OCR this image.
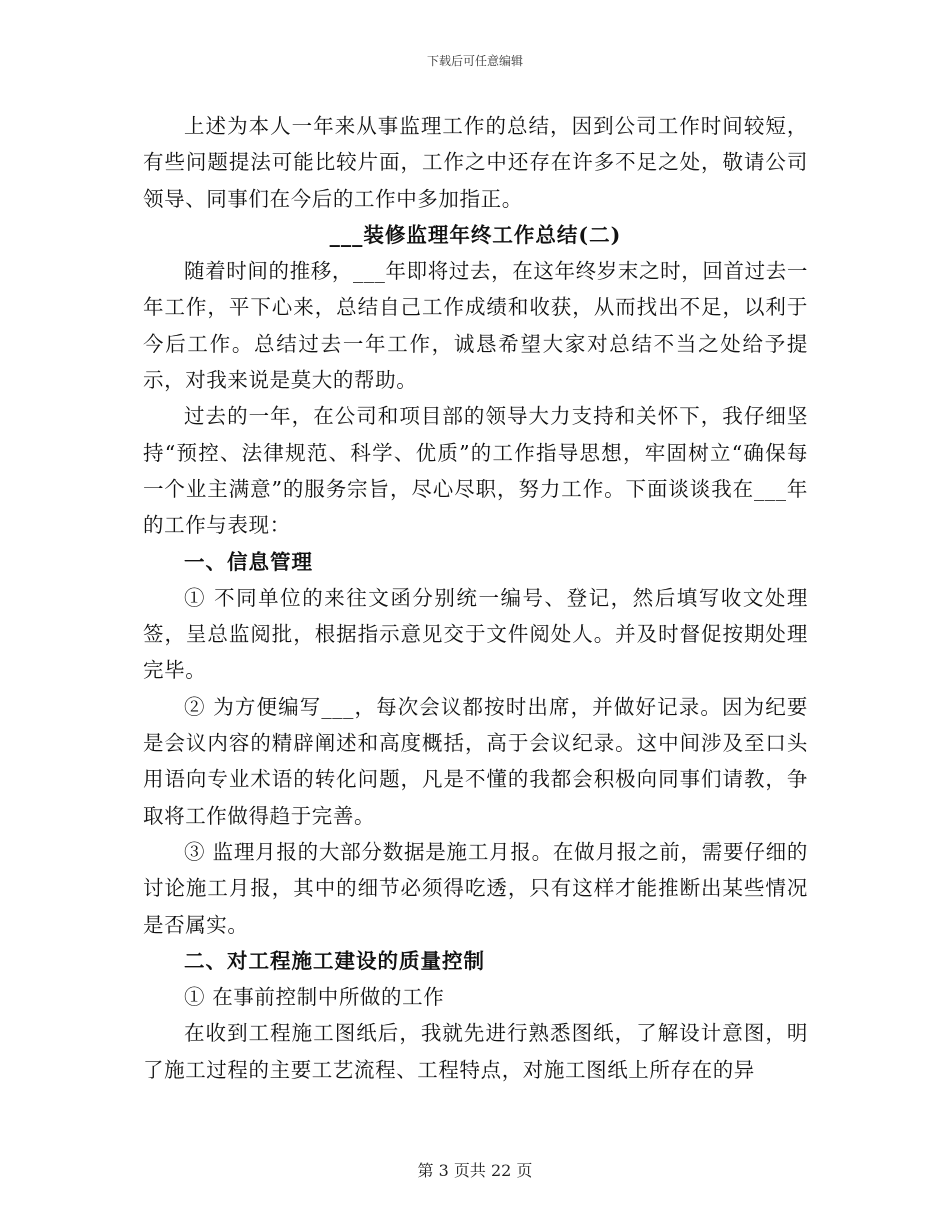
下载后可任意编辑

上述为本人一年来从事监理工作的总结，因到公司工作时间较短，有些问题提法可能比较片面，工作之中还存在许多不足之处，敬请公司领导、同事们在今后的工作中多加指正。

___装修监理年终工作总结(二)

随着时间的推移，___年即将过去，在这年终岁末之时，回首过去一年工作，平下心来，总结自己工作成绩和收获，从而找出不足，以利于今后工作。总结过去一年工作，诚恳希望大家对总结不当之处给予提示，对我来说是莫大的帮助。

过去的一年，在公司和项目部的领导大力支持和关怀下，我仔细坚持“预控、法律规范、科学、优质”的工作指导思想，牢固树立“确保每一个业主满意”的服务宗旨，尽心尽职，努力工作。下面谈谈我在___年的工作与表现：

一、信息管理

① 不同单位的来往文函分别统一编号、登记，然后填写收文处理签，呈总监阅批，根据指示意见交于文件阅处人。并及时督促按期处理完毕。

② 为方便编写___，每次会议都按时出席，并做好记录。因为纪要是会议内容的精辟阐述和高度概括，高于会议纪录。这中间涉及至口头用语向专业术语的转化问题，凡是不懂的我都会积极向同事们请教，争取将工作做得趋于完善。

③ 监理月报的大部分数据是施工月报。在做月报之前，需要仔细的讨论施工月报，其中的细节必须得吃透，只有这样才能推断出某些情况是否属实。

二、对工程施工建设的质量控制

① 在事前控制中所做的工作

在收到工程施工图纸后，我就先进行熟悉图纸，了解设计意图，明了施工过程的主要工艺流程、工程特点，对施工图纸上所存在的异

第 3 页共 22 页
